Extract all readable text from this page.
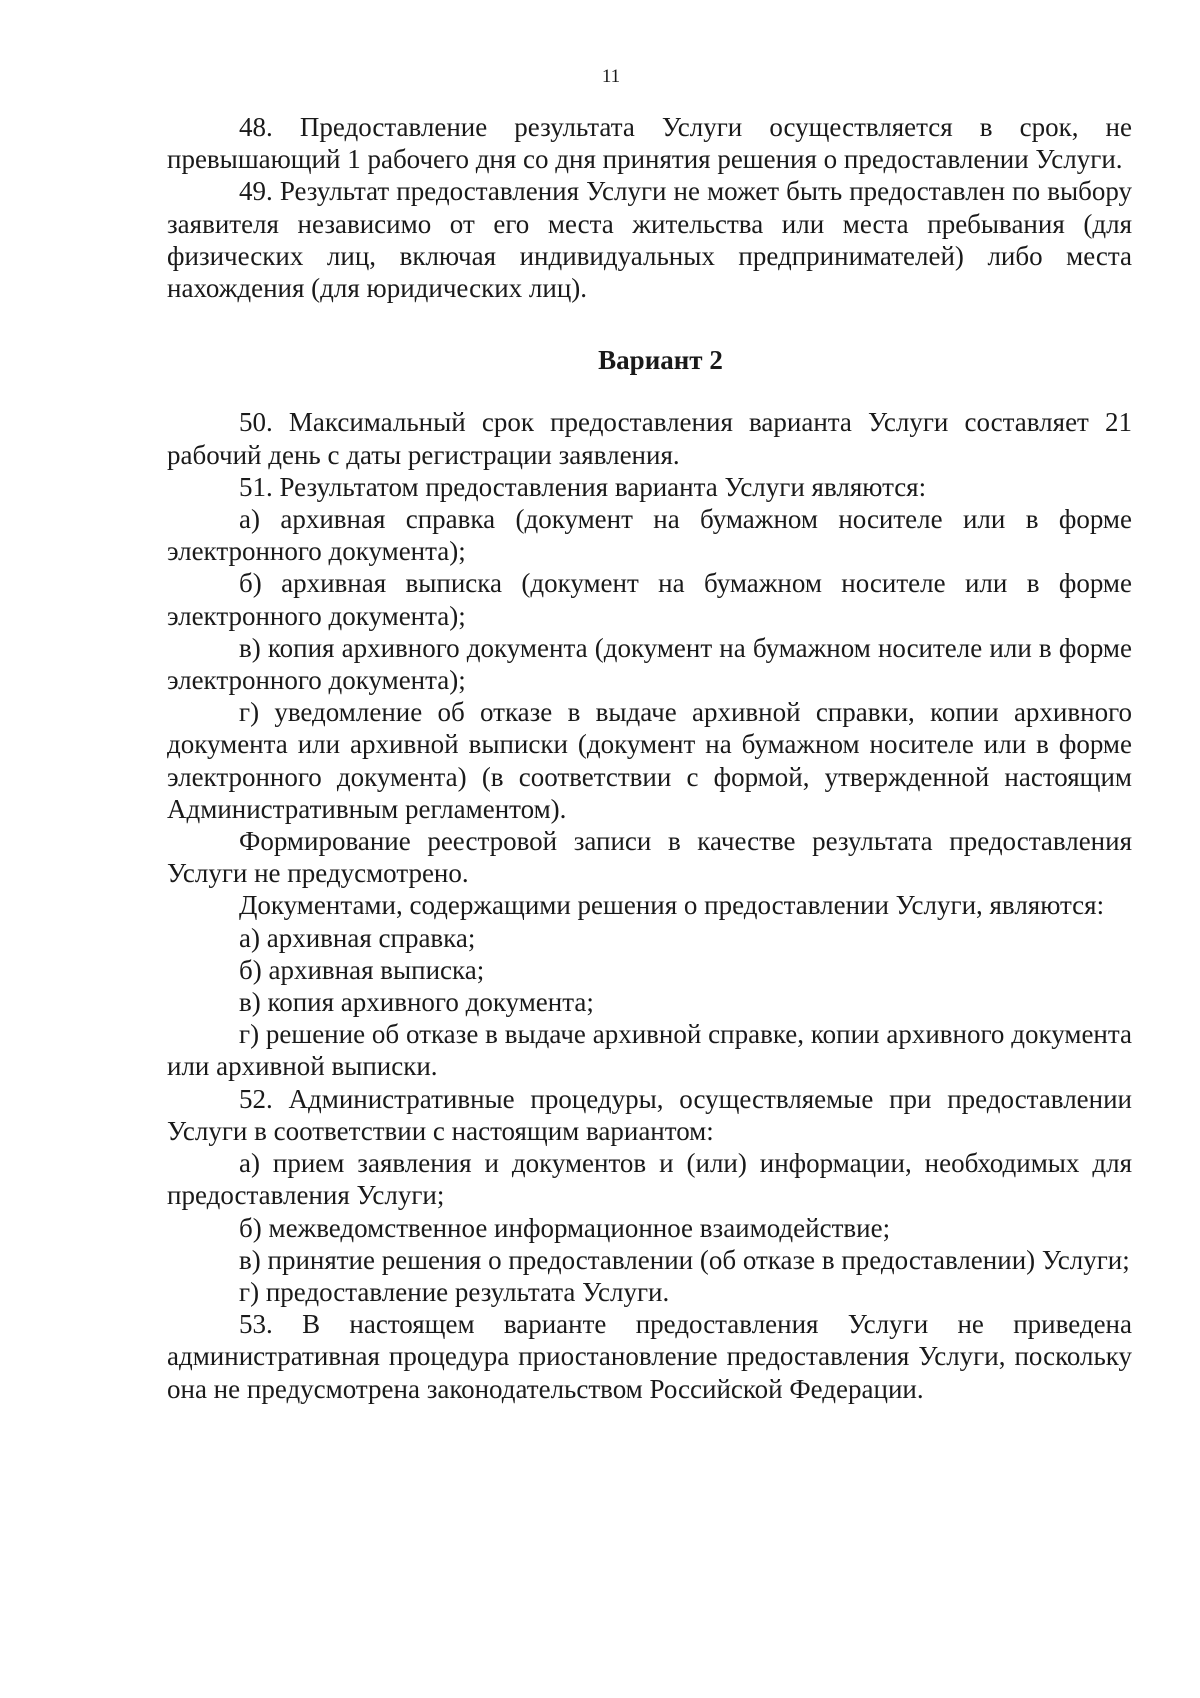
11

48. Предоставление результата Услуги осуществляется в срок, не превышающий 1 рабочего дня со дня принятия решения о предоставлении Услуги.

49. Результат предоставления Услуги не может быть предоставлен по выбору заявителя независимо от его места жительства или места пребывания (для физических лиц, включая индивидуальных предпринимателей) либо места нахождения (для юридических лиц).

Вариант 2

50. Максимальный срок предоставления варианта Услуги составляет 21 рабочий день с даты регистрации заявления.

51. Результатом предоставления варианта Услуги являются:

а) архивная справка (документ на бумажном носителе или в форме электронного документа);

б) архивная выписка (документ на бумажном носителе или в форме электронного документа);

в) копия архивного документа (документ на бумажном носителе или в форме электронного документа);

г) уведомление об отказе в выдаче архивной справки, копии архивного документа или архивной выписки (документ на бумажном носителе или в форме электронного документа) (в соответствии с формой, утвержденной настоящим Административным регламентом).

Формирование реестровой записи в качестве результата предоставления Услуги не предусмотрено.

Документами, содержащими решения о предоставлении Услуги, являются:

а) архивная справка;

б) архивная выписка;

в) копия архивного документа;

г) решение об отказе в выдаче архивной справке, копии архивного документа или архивной выписки.

52. Административные процедуры, осуществляемые при предоставлении Услуги в соответствии с настоящим вариантом:

а) прием заявления и документов и (или) информации, необходимых для предоставления Услуги;

б) межведомственное информационное взаимодействие;

в) принятие решения о предоставлении (об отказе в предоставлении) Услуги;

г) предоставление результата Услуги.

53. В настоящем варианте предоставления Услуги не приведена административная процедура приостановление предоставления Услуги, поскольку она не предусмотрена законодательством Российской Федерации.
